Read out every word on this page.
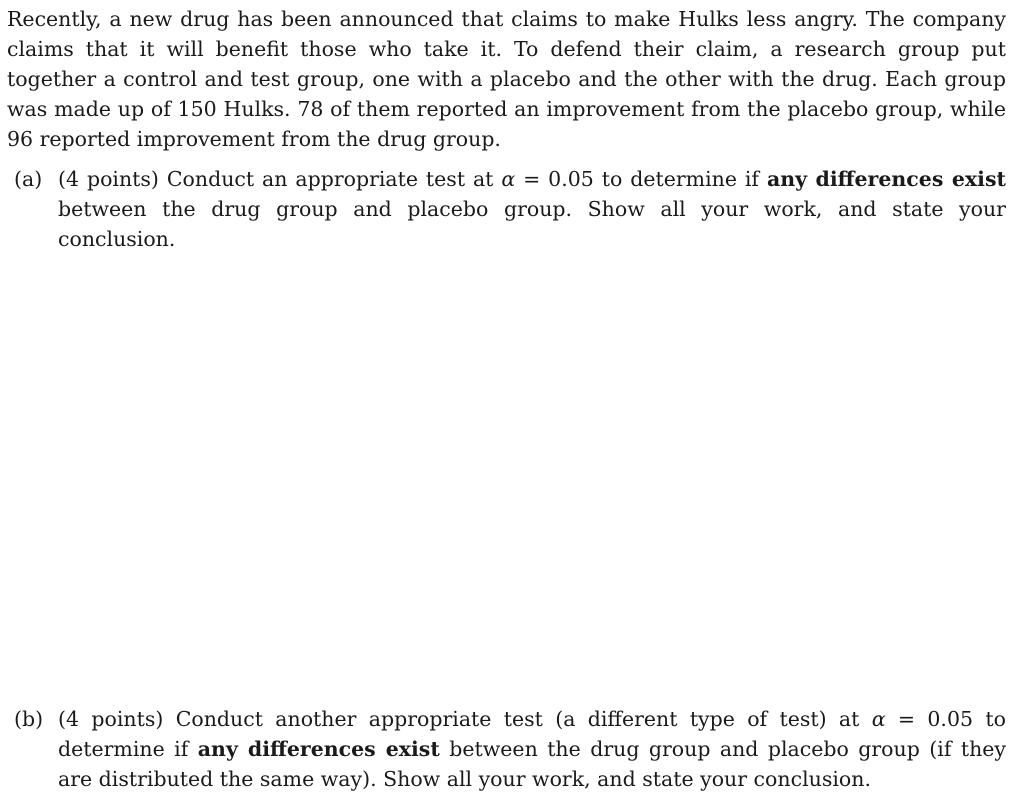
Recently, a new drug has been announced that claims to make Hulks less angry. The company claims that it will benefit those who take it. To defend their claim, a research group put together a control and test group, one with a placebo and the other with the drug. Each group was made up of 150 Hulks. 78 of them reported an improvement from the placebo group, while 96 reported improvement from the drug group.

(a) (4 points) Conduct an appropriate test at α = 0.05 to determine if any differences exist between the drug group and placebo group. Show all your work, and state your conclusion.
(b) (4 points) Conduct another appropriate test (a different type of test) at α = 0.05 to determine if any differences exist between the drug group and placebo group (if they are distributed the same way). Show all your work, and state your conclusion.
